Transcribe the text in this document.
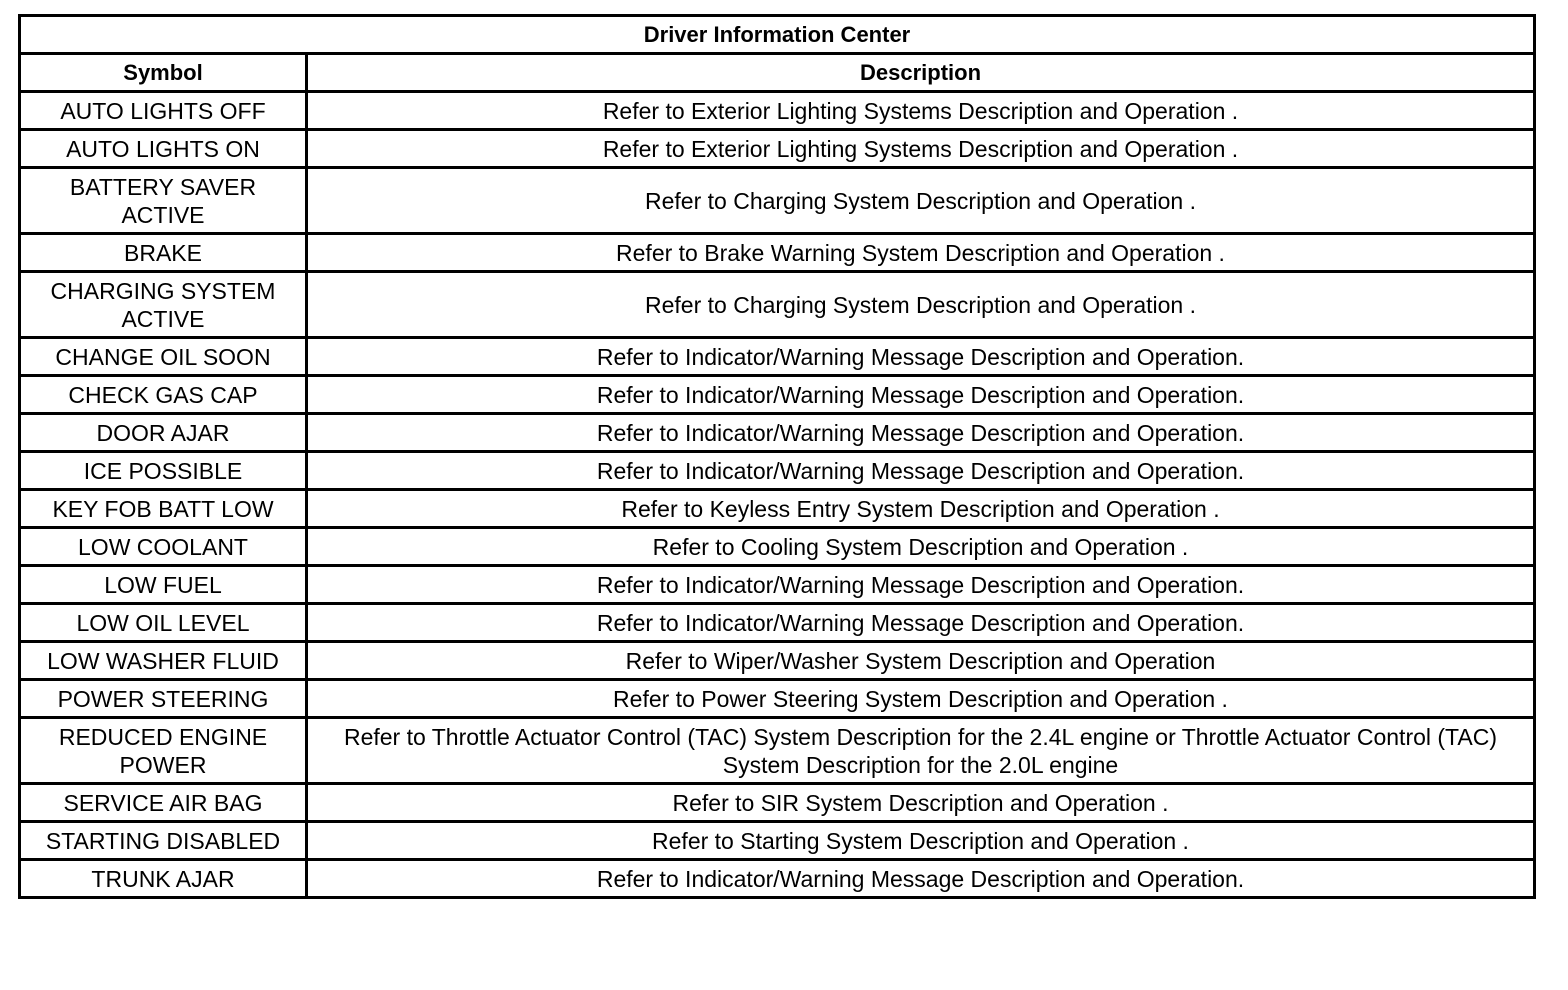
Driver Information Center	
Symbol	Description
AUTO LIGHTS OFF	Refer to Exterior Lighting Systems Description and Operation .
AUTO LIGHTS ON	Refer to Exterior Lighting Systems Description and Operation .
BATTERY SAVER ACTIVE	Refer to Charging System Description and Operation .
BRAKE	Refer to Brake Warning System Description and Operation .
CHARGING SYSTEM ACTIVE	Refer to Charging System Description and Operation .
CHANGE OIL SOON	Refer to Indicator/Warning Message Description and Operation.
CHECK GAS CAP	Refer to Indicator/Warning Message Description and Operation.
DOOR AJAR	Refer to Indicator/Warning Message Description and Operation.
ICE POSSIBLE	Refer to Indicator/Warning Message Description and Operation.
KEY FOB BATT LOW	Refer to Keyless Entry System Description and Operation .
LOW COOLANT	Refer to Cooling System Description and Operation .
LOW FUEL	Refer to Indicator/Warning Message Description and Operation.
LOW OIL LEVEL	Refer to Indicator/Warning Message Description and Operation.
LOW WASHER FLUID	Refer to Wiper/Washer System Description and Operation
POWER STEERING	Refer to Power Steering System Description and Operation .
REDUCED ENGINE POWER	Refer to Throttle Actuator Control (TAC) System Description for the 2.4L engine or Throttle Actuator Control (TAC) System Description for the 2.0L engine
SERVICE AIR BAG	Refer to SIR System Description and Operation .
STARTING DISABLED	Refer to Starting System Description and Operation .
TRUNK AJAR	Refer to Indicator/Warning Message Description and Operation.
